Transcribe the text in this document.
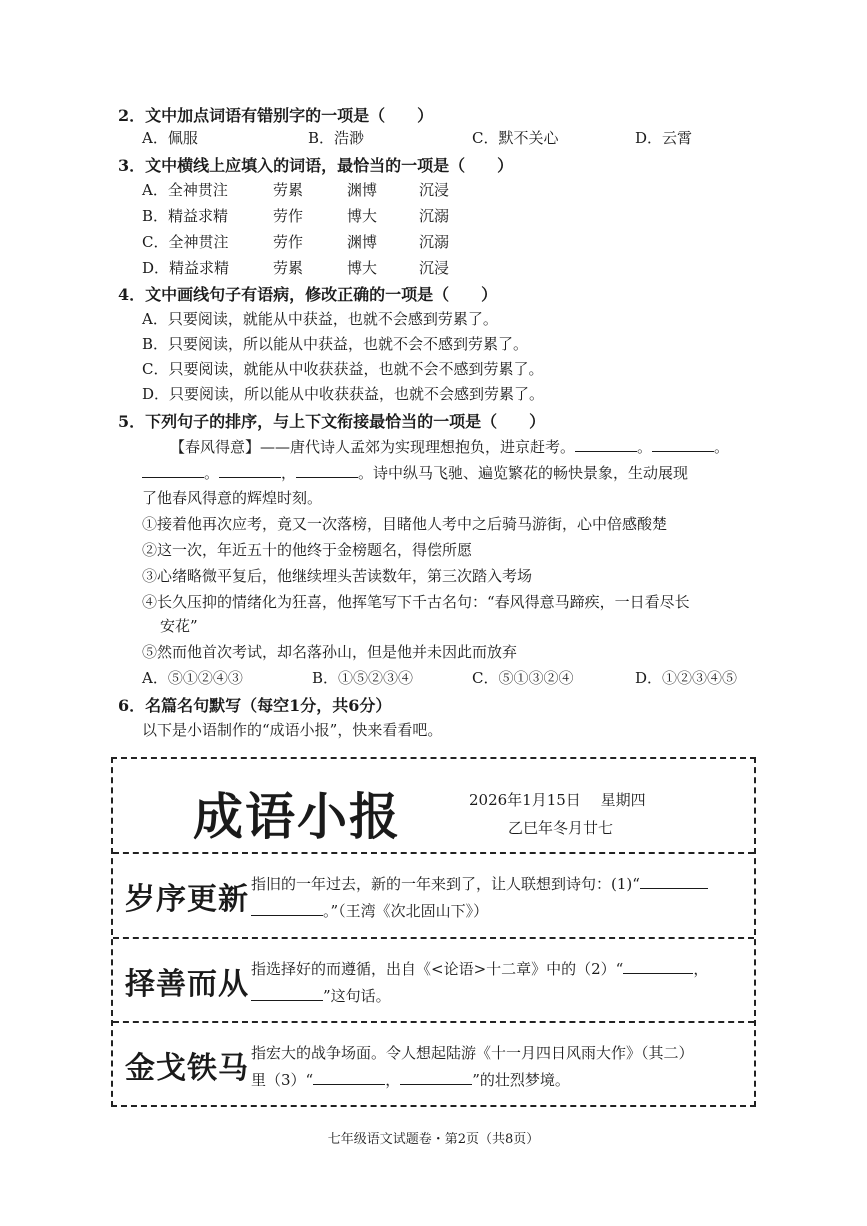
2．文中加点词语有错别字的一项是（　　）
A．佩服	B．浩渺	C．默不关心	D．云霄
3．文中横线上应填入的词语，最恰当的一项是（　　）
A．全神贯注	劳累	渊博	沉浸
B．精益求精	劳作	博大	沉溺
C．全神贯注	劳作	渊博	沉溺
D．精益求精	劳累	博大	沉浸
4．文中画线句子有语病，修改正确的一项是（　　）
A．只要阅读，就能从中获益，也就不会感到劳累了。
B．只要阅读，所以能从中获益，也就不会不感到劳累了。
C．只要阅读，就能从中收获获益，也就不会不感到劳累了。
D．只要阅读，所以能从中收获获益，也就不会感到劳累了。
5．下列句子的排序，与上下文衔接最恰当的一项是（　　）
【春风得意】——唐代诗人孟郊为实现理想抱负，进京赶考。	。	。
。	，	。诗中纵马飞驰、遍览繁花的畅快景象，生动展现
了他春风得意的辉煌时刻。
①接着他再次应考，竟又一次落榜，目睹他人考中之后骑马游街，心中倍感酸楚
②这一次，年近五十的他终于金榜题名，得偿所愿
③心绪略微平复后，他继续埋头苦读数年，第三次踏入考场
④长久压抑的情绪化为狂喜，他挥笔写下千古名句：“春风得意马蹄疾，一日看尽长
安花”
⑤然而他首次考试，却名落孙山，但是他并未因此而放弃
A．⑤①②④③	B．①⑤②③④	C．⑤①③②④	D．①②③④⑤
6．名篇名句默写（每空1分，共6分）
以下是小语制作的“成语小报”，快来看看吧。
成语小报	2026年1月15日　 星期四
乙巳年冬月廿七
岁序更新 指旧的一年过去，新的一年来到了，让人联想到诗句：(1)“
。”（王湾《次北固山下》）
择善而从 指选择好的而遵循，出自《<论语>十二章》中的（2）“	，
”这句话。
金戈铁马 指宏大的战争场面。令人想起陆游《十一月四日风雨大作》（其二）
里（3）“	，	”的壮烈梦境。
七年级语文试题卷・第2页（共8页）
